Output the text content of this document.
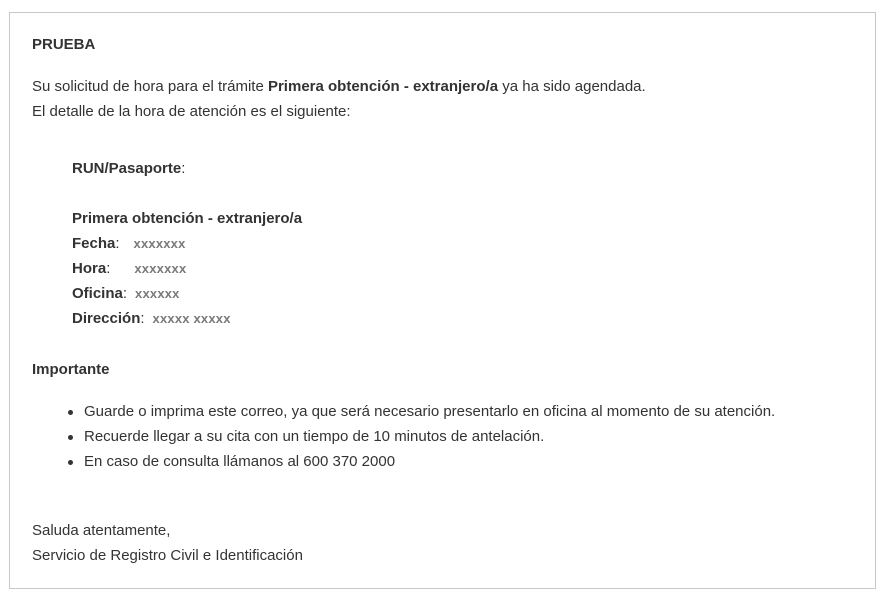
PRUEBA
Su solicitud de hora para el trámite Primera obtención - extranjero/a ya ha sido agendada.
El detalle de la hora de atención es el siguiente:
RUN/Pasaporte:
Primera obtención - extranjero/a
Fecha: xxxxxxx
Hora: xxxxxxx
Oficina: xxxxxx
Dirección: xxxxx xxxxx
Importante
Guarde o imprima este correo, ya que será necesario presentarlo en oficina al momento de su atención.
Recuerde llegar a su cita con un tiempo de 10 minutos de antelación.
En caso de consulta llámanos al 600 370 2000
Saluda atentamente,
Servicio de Registro Civil e Identificación
